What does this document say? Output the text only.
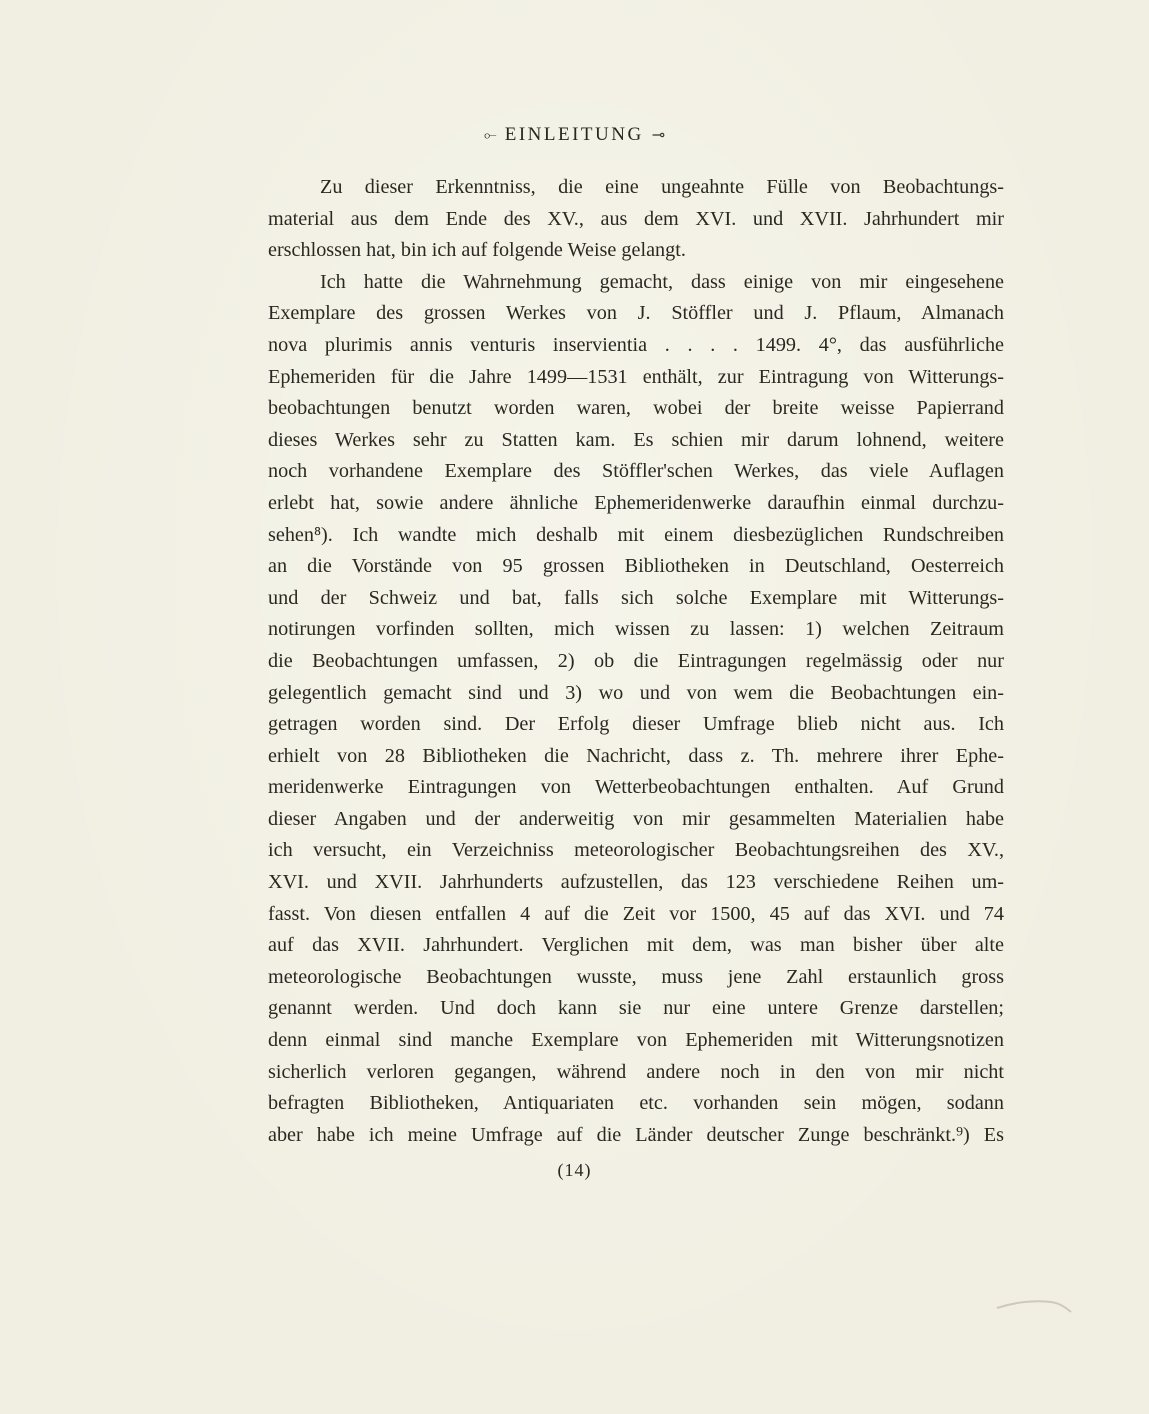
⟜ EINLEITUNG ⊸
Zu dieser Erkenntniss, die eine ungeahnte Fülle von Beobachtungs-
material aus dem Ende des XV., aus dem XVI. und XVII. Jahrhundert mir
erschlossen hat, bin ich auf folgende Weise gelangt.
Ich hatte die Wahrnehmung gemacht, dass einige von mir eingesehene
Exemplare des grossen Werkes von J. Stöffler und J. Pflaum, Almanach
nova plurimis annis venturis inservientia . . . . 1499. 4°, das ausführliche
Ephemeriden für die Jahre 1499—1531 enthält, zur Eintragung von Witterungs-
beobachtungen benutzt worden waren, wobei der breite weisse Papierrand
dieses Werkes sehr zu Statten kam. Es schien mir darum lohnend, weitere
noch vorhandene Exemplare des Stöffler'schen Werkes, das viele Auflagen
erlebt hat, sowie andere ähnliche Ephemeridenwerke daraufhin einmal durchzu-
sehen⁸). Ich wandte mich deshalb mit einem diesbezüglichen Rundschreiben
an die Vorstände von 95 grossen Bibliotheken in Deutschland, Oesterreich
und der Schweiz und bat, falls sich solche Exemplare mit Witterungs-
notirungen vorfinden sollten, mich wissen zu lassen: 1) welchen Zeitraum
die Beobachtungen umfassen, 2) ob die Eintragungen regelmässig oder nur
gelegentlich gemacht sind und 3) wo und von wem die Beobachtungen ein-
getragen worden sind. Der Erfolg dieser Umfrage blieb nicht aus. Ich
erhielt von 28 Bibliotheken die Nachricht, dass z. Th. mehrere ihrer Ephe-
meridenwerke Eintragungen von Wetterbeobachtungen enthalten. Auf Grund
dieser Angaben und der anderweitig von mir gesammelten Materialien habe
ich versucht, ein Verzeichniss meteorologischer Beobachtungsreihen des XV.,
XVI. und XVII. Jahrhunderts aufzustellen, das 123 verschiedene Reihen um-
fasst. Von diesen entfallen 4 auf die Zeit vor 1500, 45 auf das XVI. und 74
auf das XVII. Jahrhundert. Verglichen mit dem, was man bisher über alte
meteorologische Beobachtungen wusste, muss jene Zahl erstaunlich gross
genannt werden. Und doch kann sie nur eine untere Grenze darstellen;
denn einmal sind manche Exemplare von Ephemeriden mit Witterungsnotizen
sicherlich verloren gegangen, während andere noch in den von mir nicht
befragten Bibliotheken, Antiquariaten etc. vorhanden sein mögen, sodann
aber habe ich meine Umfrage auf die Länder deutscher Zunge beschränkt.⁹) Es
(14)
